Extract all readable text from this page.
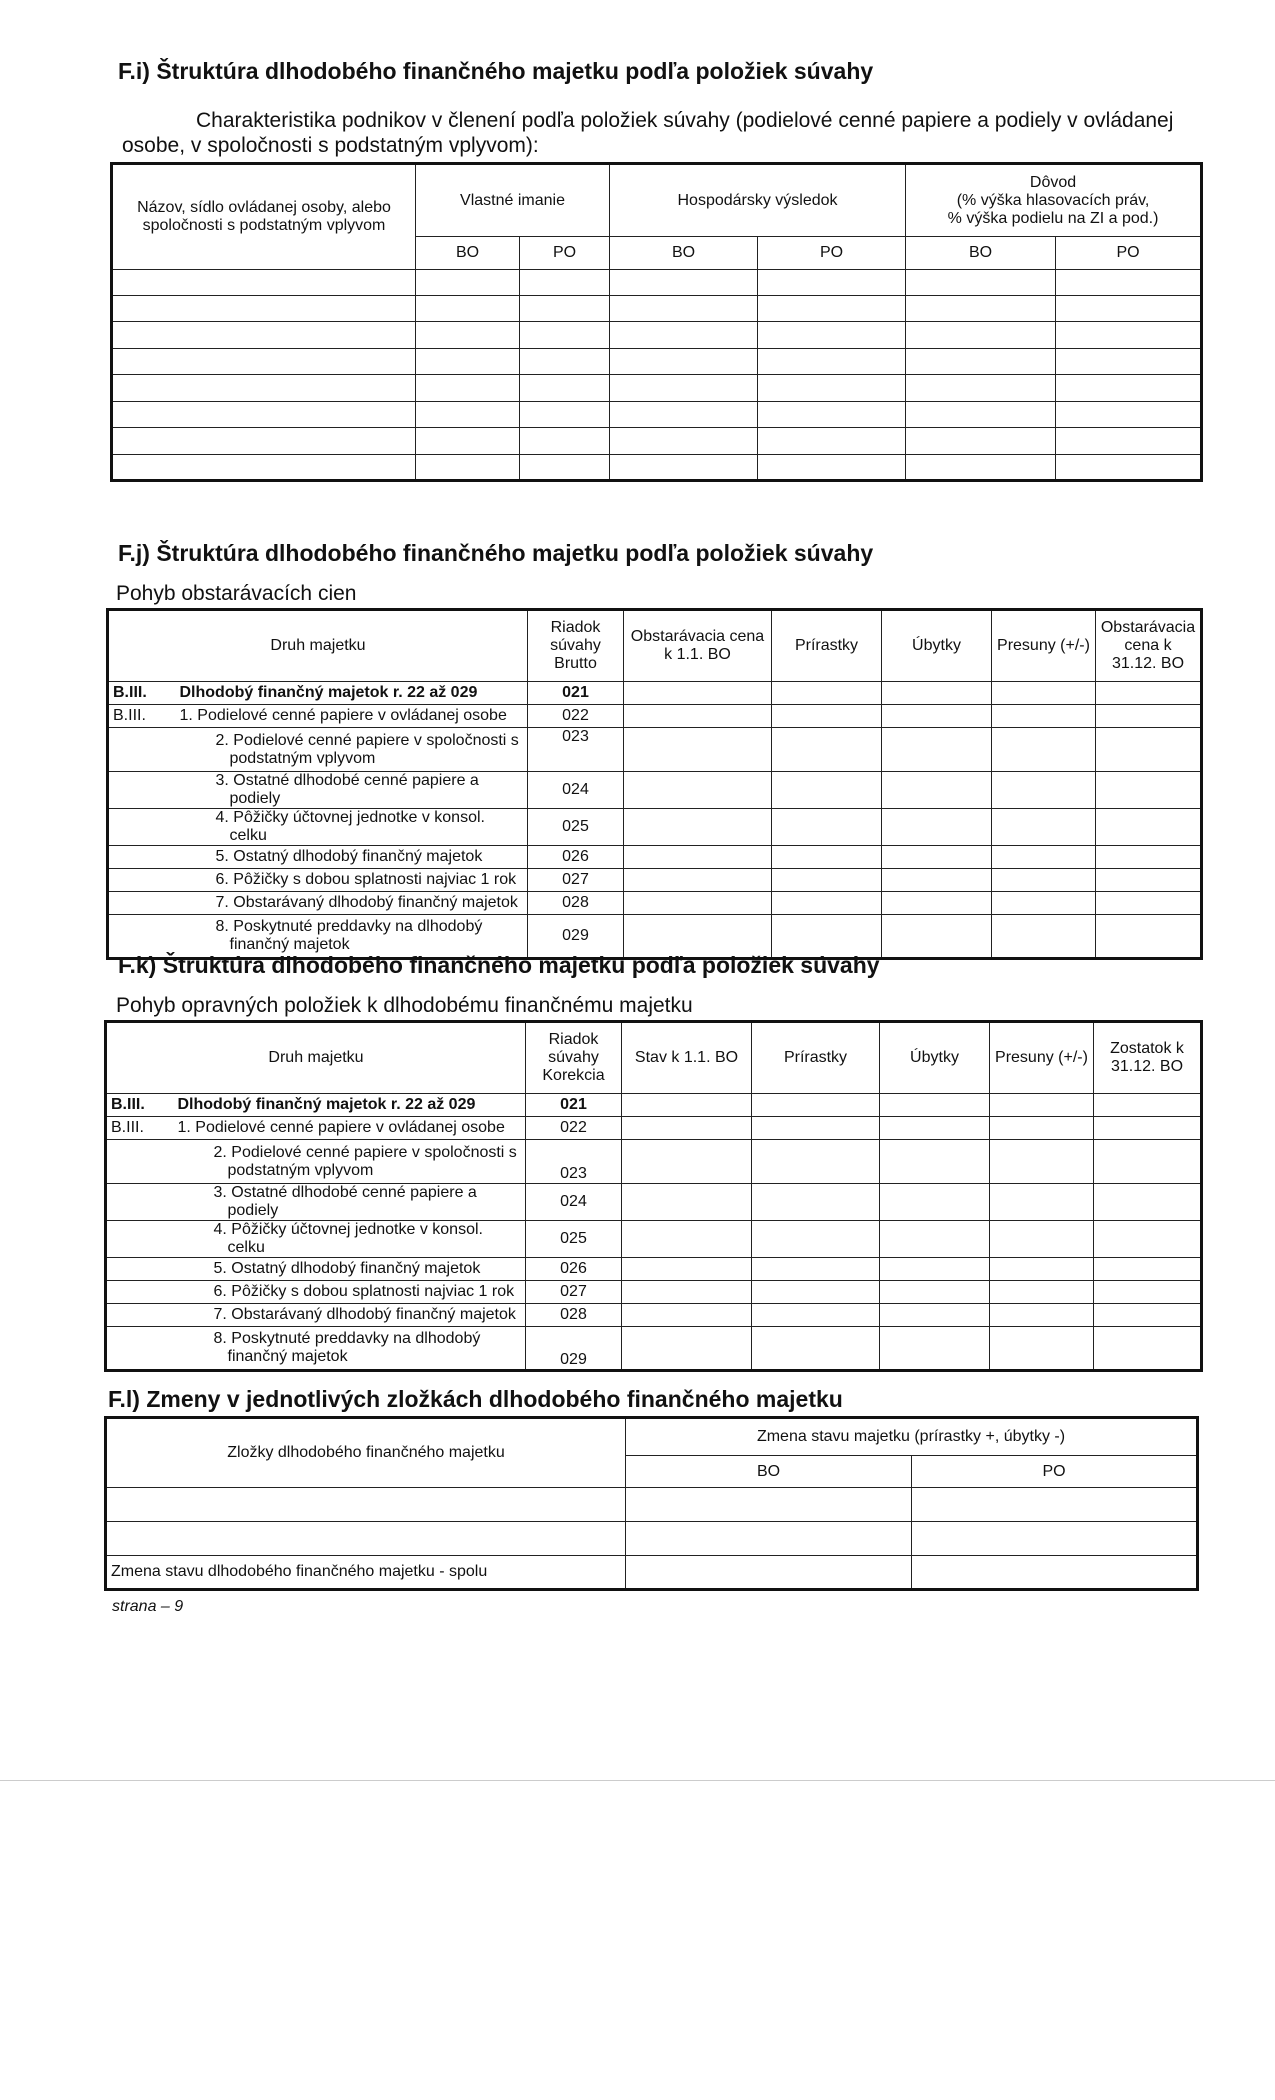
F.i) Štruktúra dlhodobého finančného majetku podľa položiek súvahy

Charakteristika podnikov v členení podľa položiek súvahy (podielové cenné papiere a podiely v ovládanej osobe, v spoločnosti s podstatným vplyvom):

Názov, sídlo ovládanej osoby, alebo spoločnosti s podstatným vplyvom	Vlastné imanie		Hospodársky výsledok		Dôvod
(% výška hlasovacích práv,
% výška podielu na ZI a pod.)	

	BO	PO	BO	PO	BO	PO

F.j) Štruktúra dlhodobého finančného majetku podľa položiek súvahy

Pohyb obstarávacích cien

Druh majetku		Riadok súvahy Brutto	Obstarávacia cena k 1.1. BO	Prírastky	Úbytky	Presuny (+/-)	Obstarávacia cena k 31.12. BO
B.III.	Dlhodobý finančný majetok r. 22 až 029	021					
B.III.	1. Podielové cenné papiere v ovládanej osobe	022					
	2. Podielové cenné papiere v spoločnosti s podstatným vplyvom	023					
	3. Ostatné dlhodobé cenné papiere a podiely	024					
	4. Pôžičky účtovnej jednotke v konsol. celku	025					
	5. Ostatný dlhodobý finančný majetok	026					
	6. Pôžičky s dobou splatnosti najviac 1 rok	027					
	7. Obstarávaný dlhodobý finančný majetok	028					
	8. Poskytnuté preddavky na dlhodobý finančný majetok	029					
F.k) Štruktúra dlhodobého finančného majetku podľa položiek súvahy

Pohyb opravných položiek k dlhodobému finančnému majetku

Druh majetku		Riadok súvahy Korekcia	Stav k 1.1. BO	Prírastky	Úbytky	Presuny (+/-)	Zostatok k 31.12. BO
B.III.	Dlhodobý finančný majetok r. 22 až 029	021					
B.III.	1. Podielové cenné papiere v ovládanej osobe	022					
	2. Podielové cenné papiere v spoločnosti s podstatným vplyvom	023					
	3. Ostatné dlhodobé cenné papiere a podiely	024					
	4. Pôžičky účtovnej jednotke v konsol. celku	025					
	5. Ostatný dlhodobý finančný majetok	026					
	6. Pôžičky s dobou splatnosti najviac 1 rok	027					
	7. Obstarávaný dlhodobý finančný majetok	028					
	8. Poskytnuté preddavky na dlhodobý finančný majetok	029					
F.l) Zmeny v jednotlivých zložkách dlhodobého finančného majetku
Zložky dlhodobého finančného majetku	Zmena stavu majetku (prírastky +, úbytky -)	
	BO	PO

Zmena stavu dlhodobého finančného majetku - spolu		

strana – 9
